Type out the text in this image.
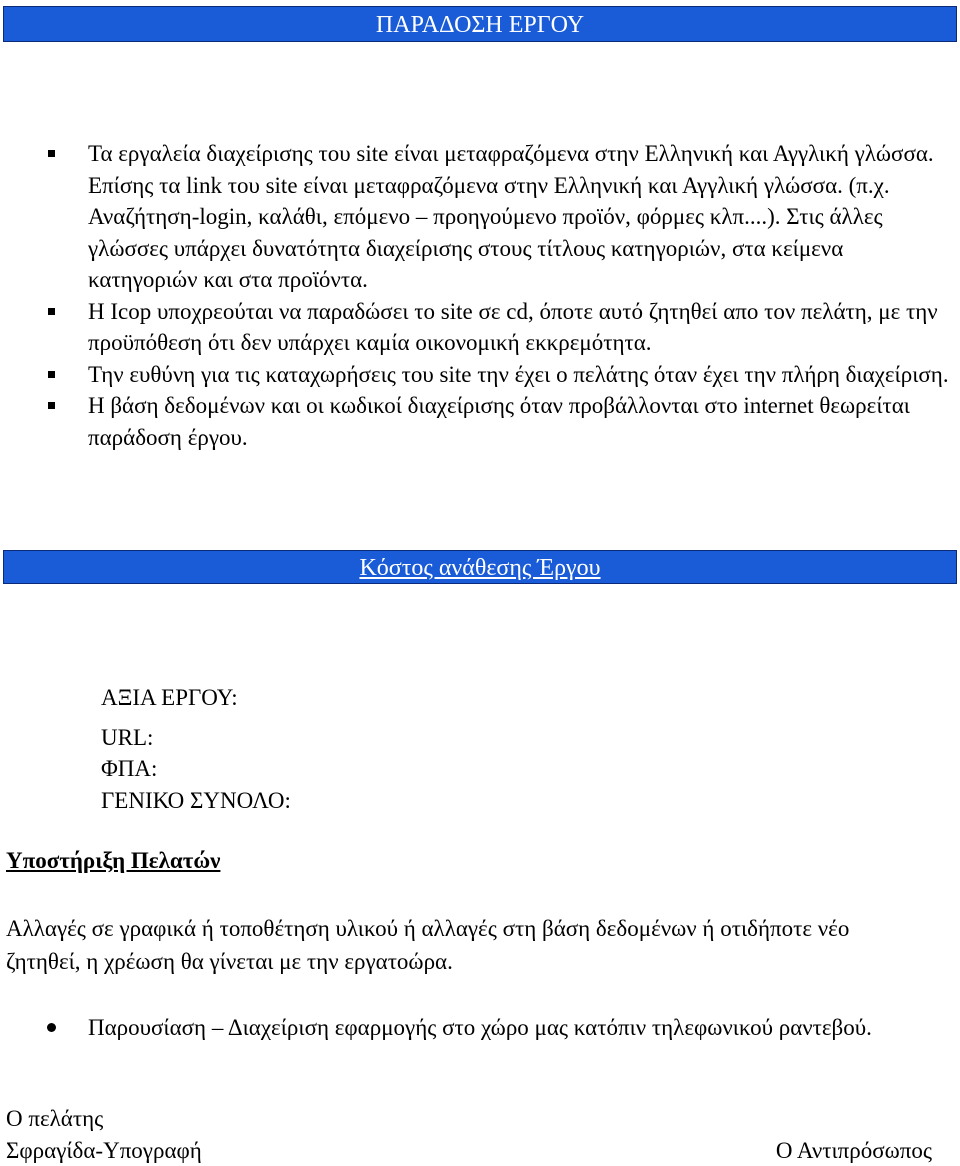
ΠΑΡΑΔΟΣΗ ΕΡΓΟΥ
Τα εργαλεία διαχείρισης του site είναι μεταφραζόμενα στην Ελληνική και Αγγλική γλώσσα. Επίσης τα link του site είναι μεταφραζόμενα στην Ελληνική και Αγγλική γλώσσα. (π.χ. Αναζήτηση-login, καλάθι, επόμενο – προηγούμενο προϊόν, φόρμες κλπ....). Στις άλλες γλώσσες υπάρχει δυνατότητα διαχείρισης στους τίτλους κατηγοριών, στα κείμενα κατηγοριών και στα προϊόντα.
Η Icop υποχρεούται να παραδώσει το site σε cd, όποτε αυτό ζητηθεί απο τον πελάτη, με την προϋπόθεση ότι δεν υπάρχει καμία οικονομική εκκρεμότητα.
Την ευθύνη για τις καταχωρήσεις του site την έχει ο πελάτης όταν έχει την πλήρη διαχείριση.
Η βάση δεδομένων και οι κωδικοί διαχείρισης όταν προβάλλονται στο internet θεωρείται παράδοση έργου.
Κόστος ανάθεσης Έργου
ΑΞΙΑ ΕΡΓΟΥ:
URL:
ΦΠΑ:
ΓΕΝΙΚΟ ΣΥΝΟΛΟ:
Υποστήριξη Πελατών
Αλλαγές σε γραφικά ή τοποθέτηση υλικού ή αλλαγές στη βάση δεδομένων ή οτιδήποτε νέο ζητηθεί, η χρέωση θα γίνεται με την εργατοώρα.
Παρουσίαση – Διαχείριση εφαρμογής στο χώρο μας κατόπιν τηλεφωνικού ραντεβού.
Ο πελάτης
Σφραγίδα-Υπογραφή	Ο Αντιπρόσωπος
